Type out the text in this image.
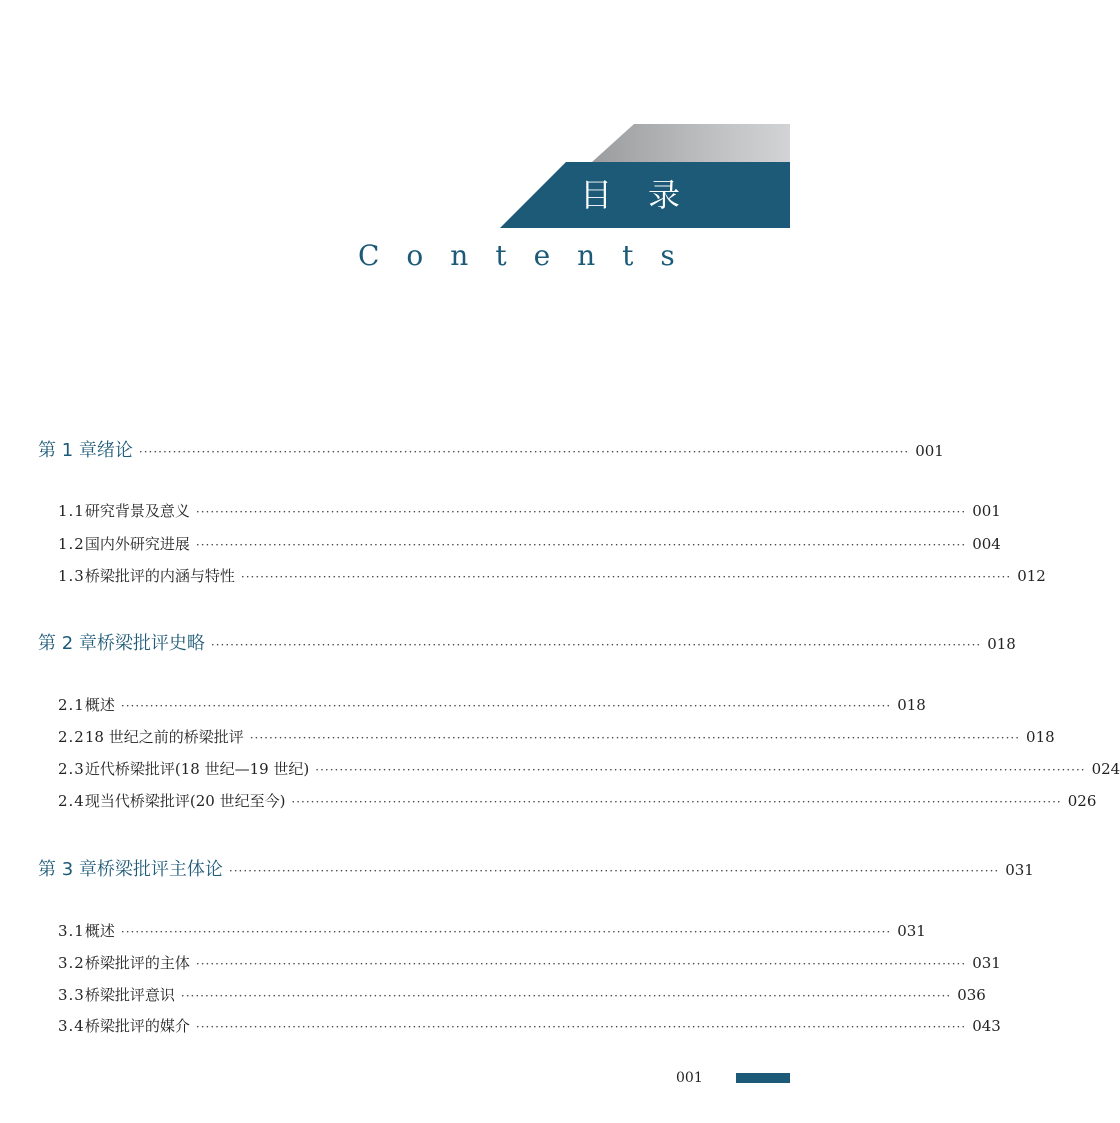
目录
Contents
第 1 章 绪论 ································································································································································ 001
1.1 研究背景及意义 ································································································································································ 001
1.2 国内外研究进展 ································································································································································ 004
1.3 桥梁批评的内涵与特性 ································································································································································ 012
第 2 章 桥梁批评史略 ································································································································································ 018
2.1 概述 ································································································································································ 018
2.2 18 世纪之前的桥梁批评 ································································································································································ 018
2.3 近代桥梁批评(18 世纪—19 世纪) ································································································································································ 024
2.4 现当代桥梁批评(20 世纪至今) ································································································································································ 026
第 3 章 桥梁批评主体论 ································································································································································ 031
3.1 概述 ································································································································································ 031
3.2 桥梁批评的主体 ································································································································································ 031
3.3 桥梁批评意识 ································································································································································ 036
3.4 桥梁批评的媒介 ································································································································································ 043
001
